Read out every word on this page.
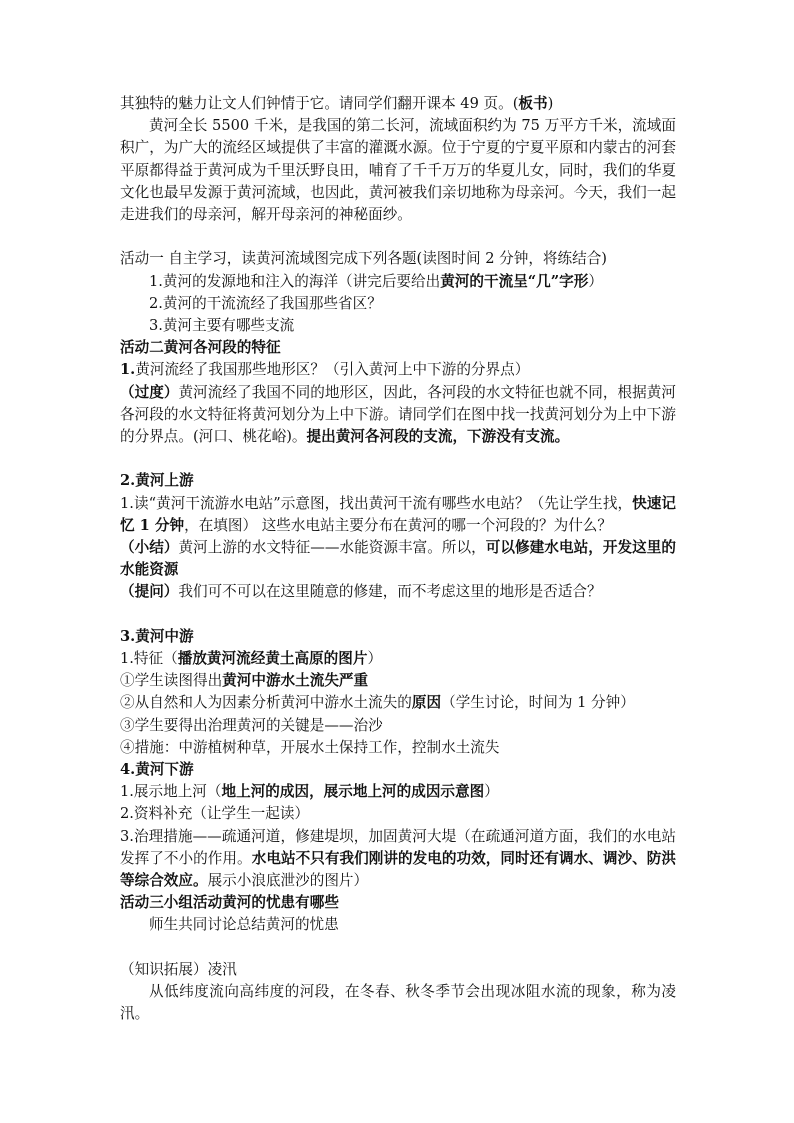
其独特的魅力让文人们钟情于它。请同学们翻开课本 49 页。(板书)

黄河全长 5500 千米，是我国的第二长河，流域面积约为 75 万平方千米，流域面积广，为广大的流经区域提供了丰富的灌溉水源。位于宁夏的宁夏平原和内蒙古的河套平原都得益于黄河成为千里沃野良田，哺育了千千万万的华夏儿女，同时，我们的华夏文化也最早发源于黄河流域，也因此，黄河被我们亲切地称为母亲河。今天，我们一起走进我们的母亲河，解开母亲河的神秘面纱。

活动一 自主学习，读黄河流域图完成下列各题(读图时间 2 分钟，将练结合)

1.黄河的发源地和注入的海洋（讲完后要给出黄河的干流呈“几”字形）

2.黄河的干流流经了我国那些省区？

3.黄河主要有哪些支流

活动二黄河各河段的特征

1.黄河流经了我国那些地形区？（引入黄河上中下游的分界点）

（过度）黄河流经了我国不同的地形区，因此，各河段的水文特征也就不同，根据黄河各河段的水文特征将黄河划分为上中下游。请同学们在图中找一找黄河划分为上中下游的分界点。(河口、桃花峪)。提出黄河各河段的支流，下游没有支流。

2.黄河上游

1.读“黄河干流游水电站”示意图，找出黄河干流有哪些水电站？（先让学生找，快速记忆 1 分钟，在填图） 这些水电站主要分布在黄河的哪一个河段的？为什么？

（小结）黄河上游的水文特征——水能资源丰富。所以，可以修建水电站，开发这里的水能资源

（提问）我们可不可以在这里随意的修建，而不考虑这里的地形是否适合？

3.黄河中游

1.特征（播放黄河流经黄土高原的图片）

①学生读图得出黄河中游水土流失严重

②从自然和人为因素分析黄河中游水土流失的原因（学生讨论，时间为 1 分钟）

③学生要得出治理黄河的关键是——治沙

④措施：中游植树种草，开展水土保持工作，控制水土流失

4.黄河下游

1.展示地上河（地上河的成因，展示地上河的成因示意图）

2.资料补充（让学生一起读）

3.治理措施——疏通河道，修建堤坝，加固黄河大堤（在疏通河道方面，我们的水电站发挥了不小的作用。水电站不只有我们刚讲的发电的功效，同时还有调水、调沙、防洪等综合效应。展示小浪底泄沙的图片）

活动三小组活动黄河的忧患有哪些

师生共同讨论总结黄河的忧患

（知识拓展）凌汛

从低纬度流向高纬度的河段，在冬春、秋冬季节会出现冰阻水流的现象，称为凌汛。
